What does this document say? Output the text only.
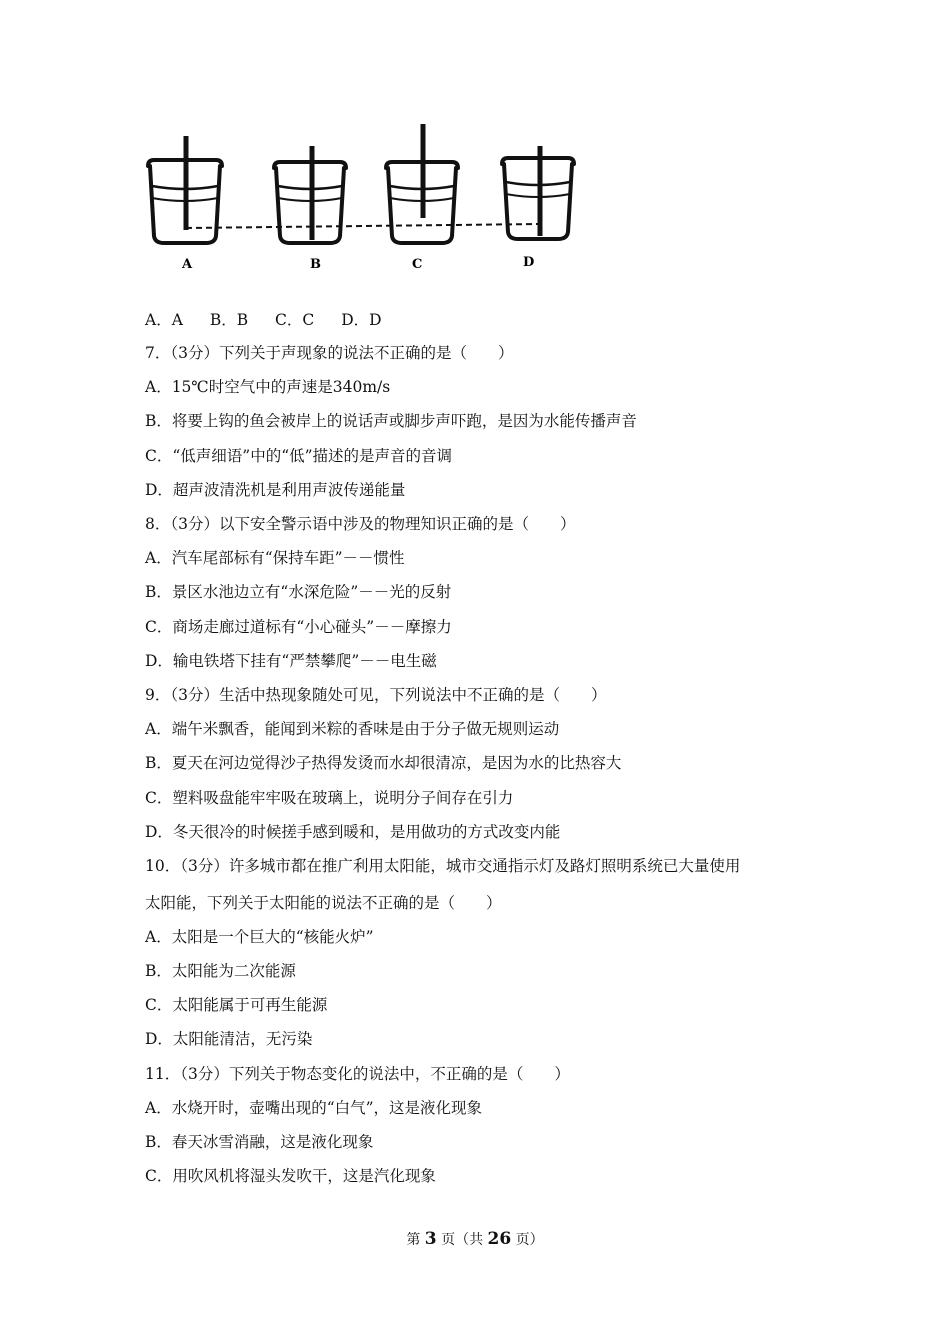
A	B	C	D
A．A B．B C．C D．D
7．（3分）下列关于声现象的说法不正确的是（　　）
A．15℃时空气中的声速是340m/s
B．将要上钩的鱼会被岸上的说话声或脚步声吓跑，是因为水能传播声音
C．“低声细语”中的“低”描述的是声音的音调
D．超声波清洗机是利用声波传递能量
8．（3分）以下安全警示语中涉及的物理知识正确的是（　　）
A．汽车尾部标有“保持车距”－－惯性
B．景区水池边立有“水深危险”－－光的反射
C．商场走廊过道标有“小心碰头”－－摩擦力
D．输电铁塔下挂有“严禁攀爬”－－电生磁
9．（3分）生活中热现象随处可见，下列说法中不正确的是（　　）
A．端午米飘香，能闻到米粽的香味是由于分子做无规则运动
B．夏天在河边觉得沙子热得发烫而水却很清凉，是因为水的比热容大
C．塑料吸盘能牢牢吸在玻璃上，说明分子间存在引力
D．冬天很冷的时候搓手感到暖和，是用做功的方式改变内能
10．（3分）许多城市都在推广利用太阳能，城市交通指示灯及路灯照明系统已大量使用
太阳能，下列关于太阳能的说法不正确的是（　　）
A．太阳是一个巨大的“核能火炉”
B．太阳能为二次能源
C．太阳能属于可再生能源
D．太阳能清洁，无污染
11．（3分）下列关于物态变化的说法中，不正确的是（　　）
A．水烧开时，壶嘴出现的“白气”，这是液化现象
B．春天冰雪消融，这是液化现象
C．用吹风机将湿头发吹干，这是汽化现象
第 3 页（共 26 页）
